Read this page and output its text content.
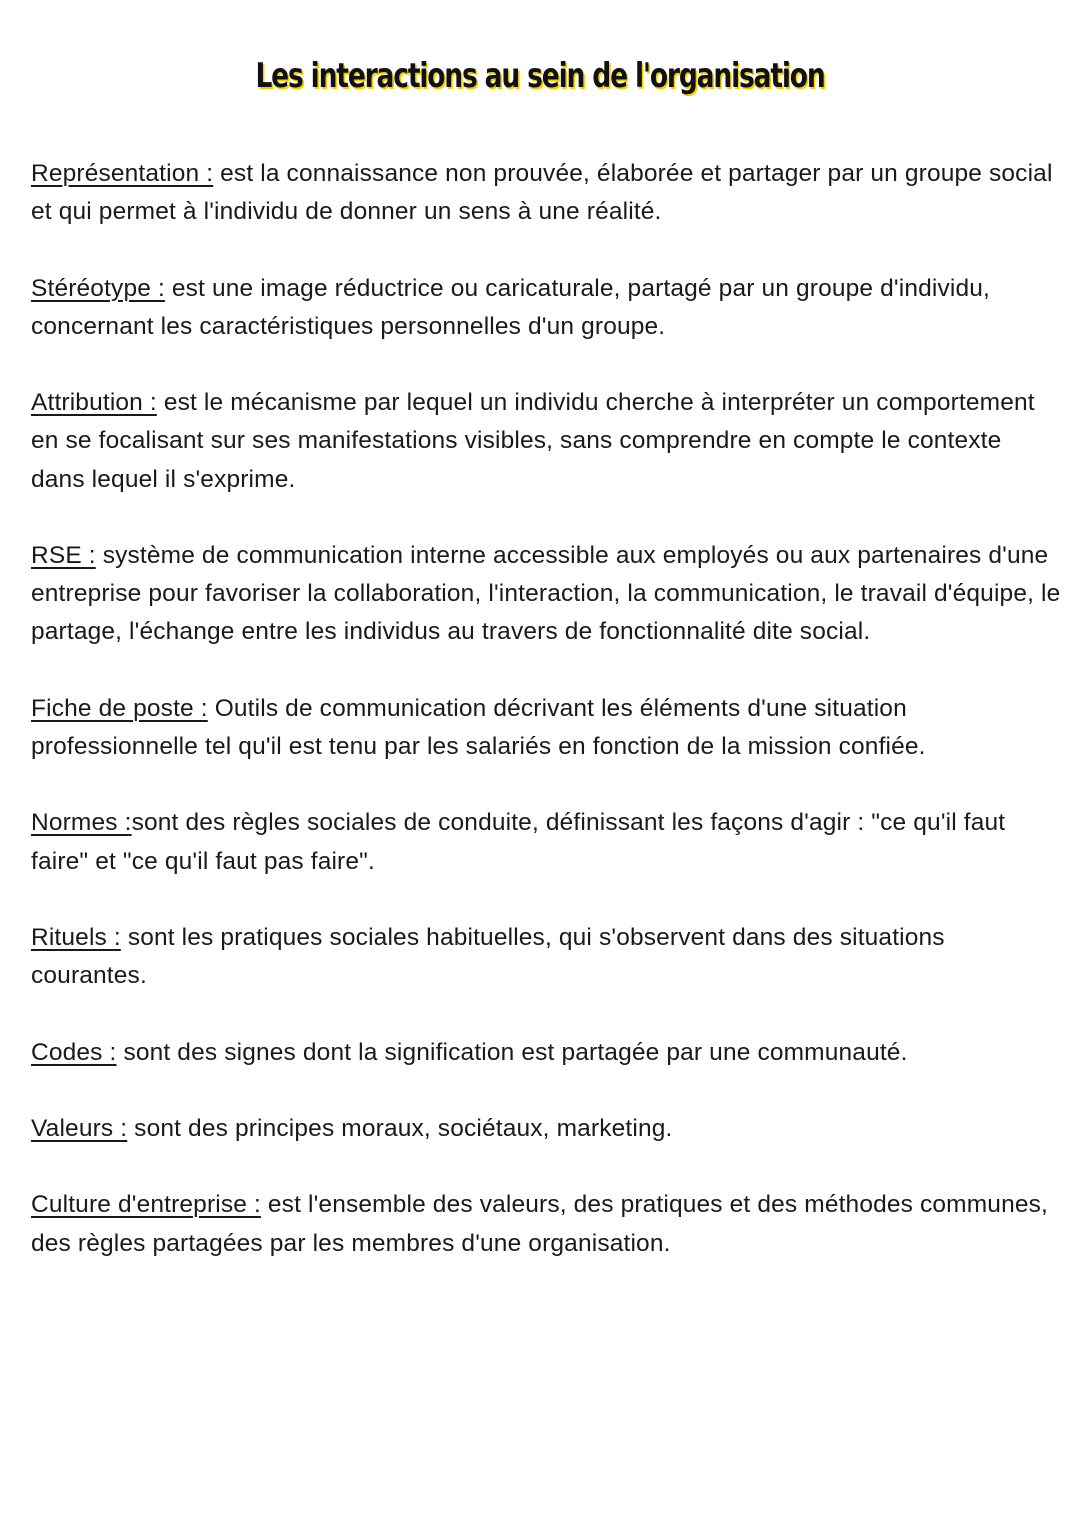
Les interactions au sein de l'organisation

Représentation : est la connaissance non prouvée, élaborée et partager par un groupe social et qui permet à l'individu de donner un sens à une réalité.

Stéréotype : est une image réductrice ou caricaturale, partagé par un groupe d'individu, concernant les caractéristiques personnelles d'un groupe.

Attribution : est le mécanisme par lequel un individu cherche à interpréter un comportement en se focalisant sur ses manifestations visibles, sans comprendre en compte le contexte dans lequel il s'exprime.

RSE : système de communication interne accessible aux employés ou aux partenaires d'une entreprise pour favoriser la collaboration, l'interaction, la communication, le travail d'équipe, le partage, l'échange entre les individus au travers de fonctionnalité dite social.

Fiche de poste : Outils de communication décrivant les éléments d'une situation professionnelle tel qu'il est tenu par les salariés en fonction de la mission confiée.

Normes :sont des règles sociales de conduite, définissant les façons d'agir : "ce qu'il faut faire" et "ce qu'il faut pas faire".

Rituels : sont les pratiques sociales habituelles, qui s'observent dans des situations courantes.

Codes : sont des signes dont la signification est partagée par une communauté.

Valeurs : sont des principes moraux, sociétaux, marketing.

Culture d'entreprise : est l'ensemble des valeurs, des pratiques et des méthodes communes, des règles partagées par les membres d'une organisation.
